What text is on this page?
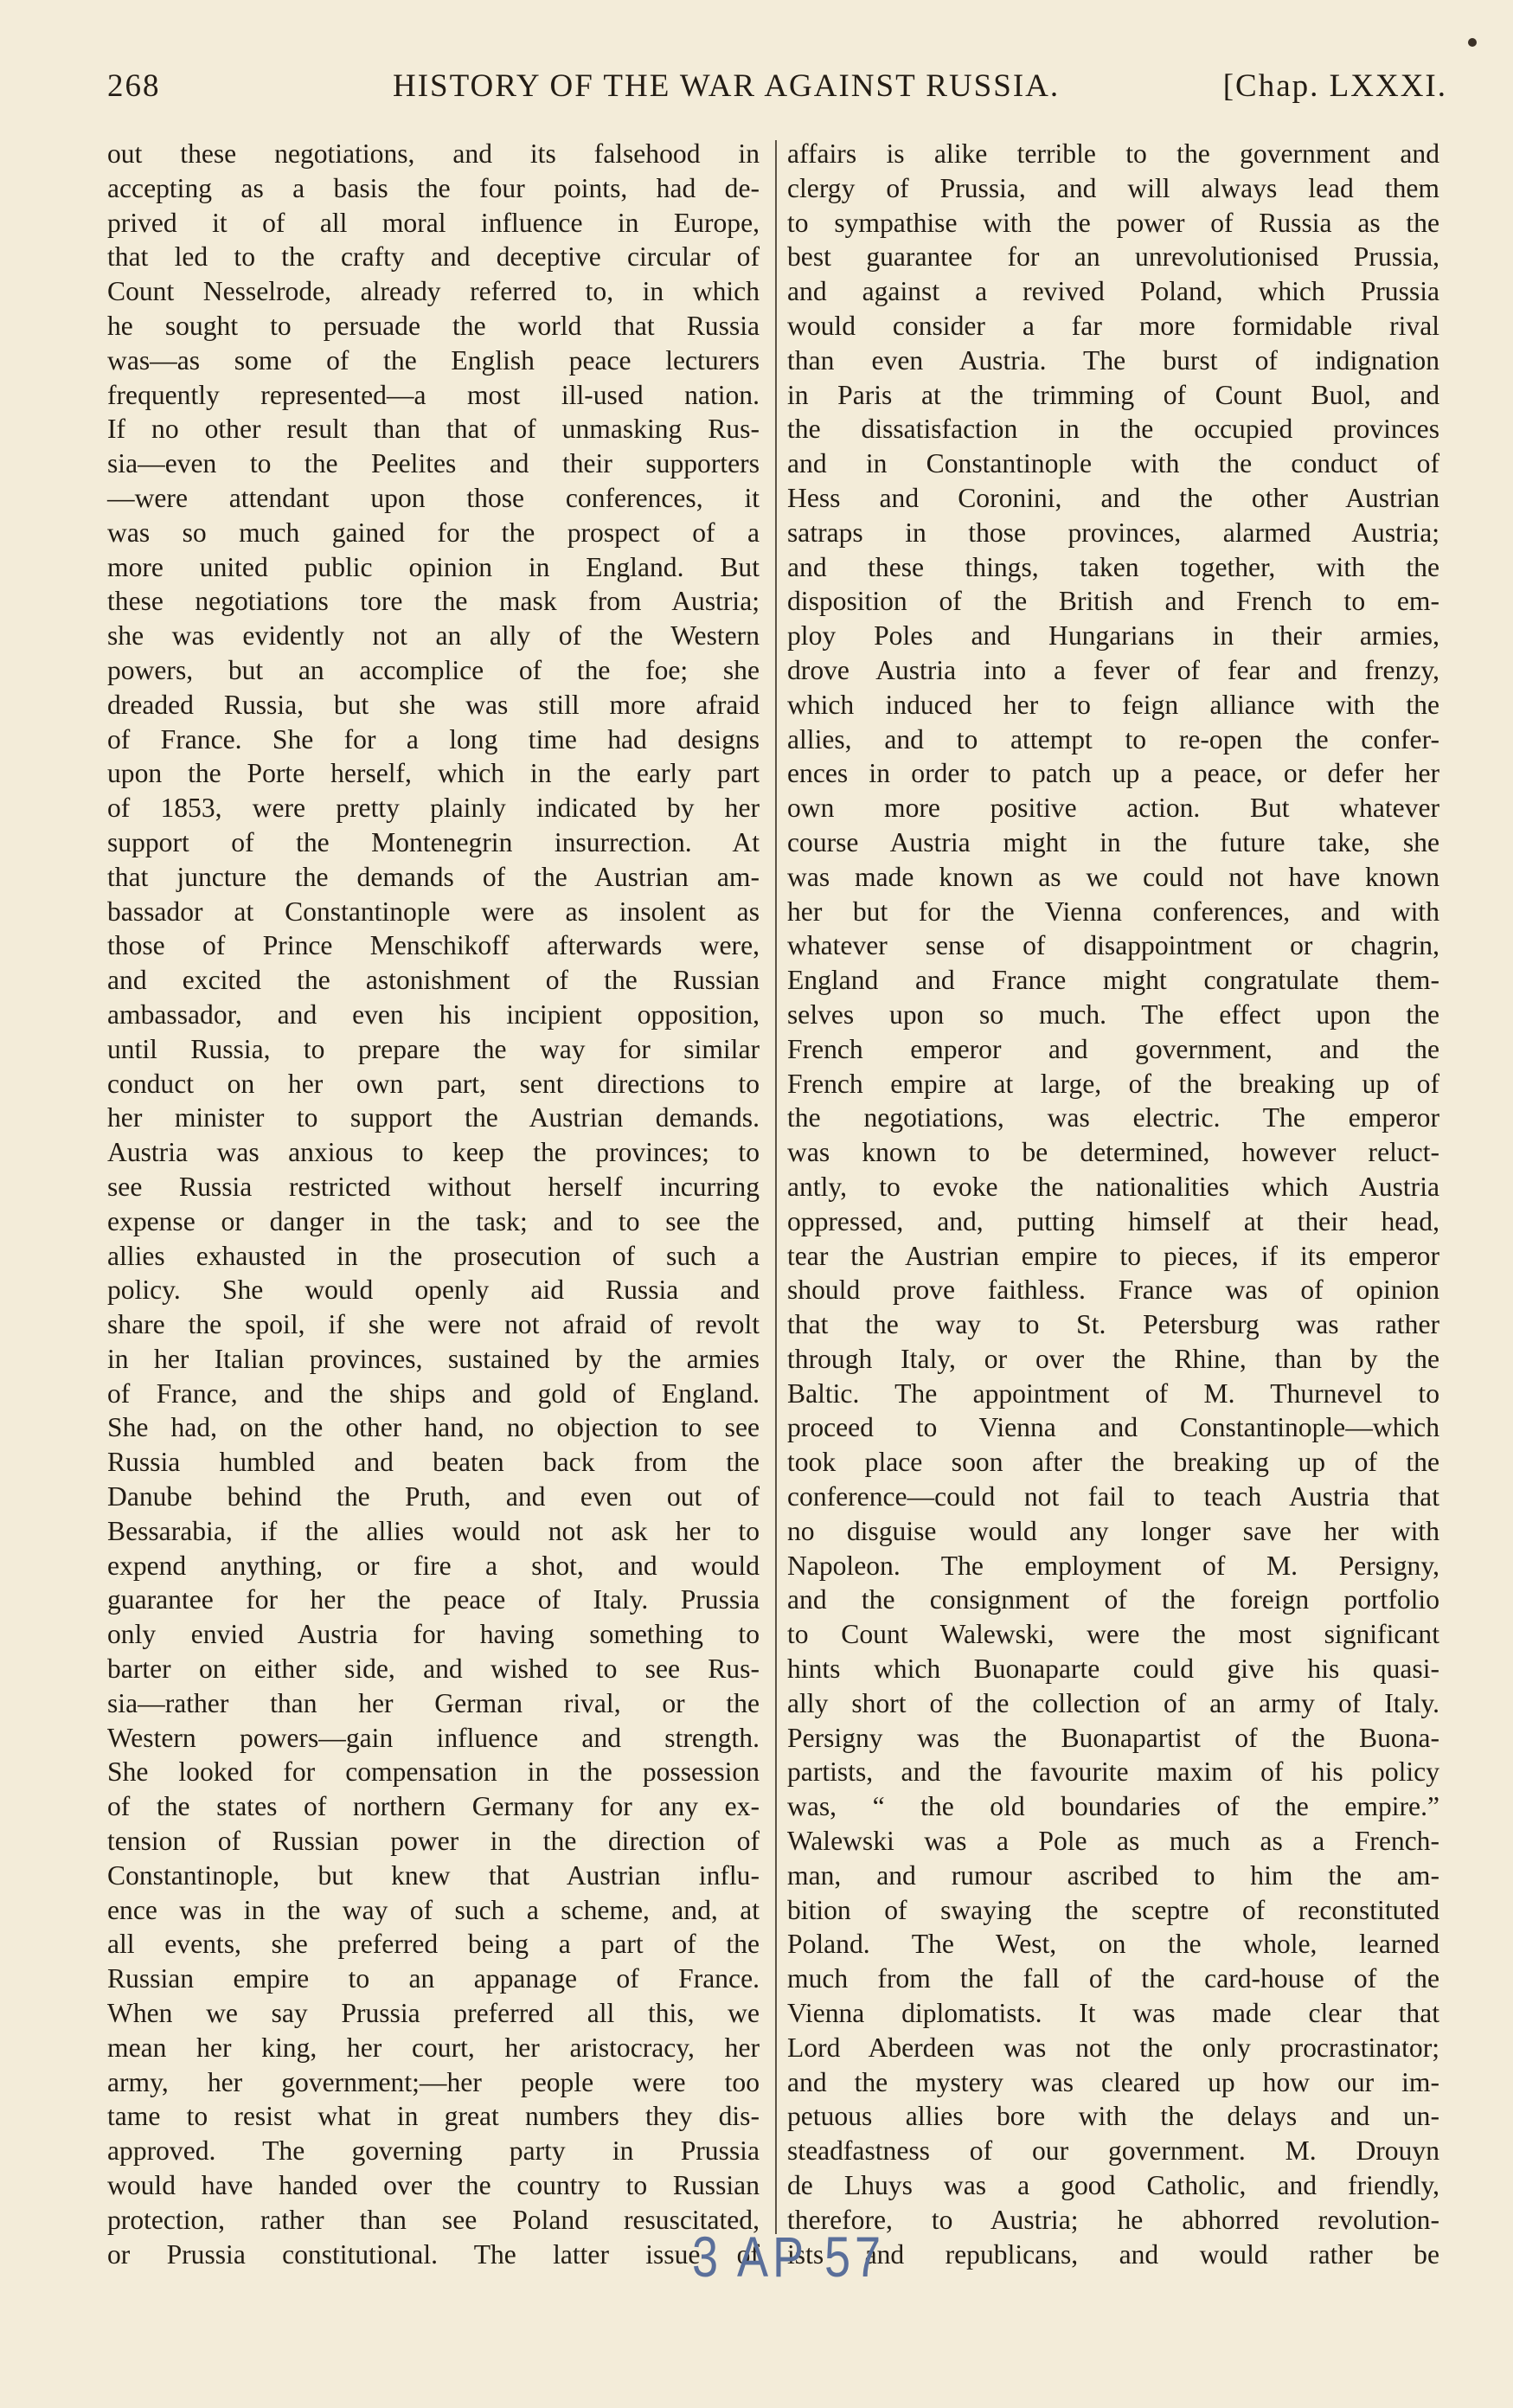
268	HISTORY OF THE WAR AGAINST RUSSIA.	[Chap. LXXXI.
out these negotiations, and its falsehood in
accepting as a basis the four points, had de-
prived it of all moral influence in Europe,
that led to the crafty and deceptive circular of
Count Nesselrode, already referred to, in which
he sought to persuade the world that Russia
was—as some of the English peace lecturers
frequently represented—a most ill-used nation.
If no other result than that of unmasking Rus-
sia—even to the Peelites and their supporters
—were attendant upon those conferences, it
was so much gained for the prospect of a
more united public opinion in England. But
these negotiations tore the mask from Austria;
she was evidently not an ally of the Western
powers, but an accomplice of the foe; she
dreaded Russia, but she was still more afraid
of France. She for a long time had designs
upon the Porte herself, which in the early part
of 1853, were pretty plainly indicated by her
support of the Montenegrin insurrection. At
that juncture the demands of the Austrian am-
bassador at Constantinople were as insolent as
those of Prince Menschikoff afterwards were,
and excited the astonishment of the Russian
ambassador, and even his incipient opposition,
until Russia, to prepare the way for similar
conduct on her own part, sent directions to
her minister to support the Austrian demands.
Austria was anxious to keep the provinces; to
see Russia restricted without herself incurring
expense or danger in the task; and to see the
allies exhausted in the prosecution of such a
policy. She would openly aid Russia and
share the spoil, if she were not afraid of revolt
in her Italian provinces, sustained by the armies
of France, and the ships and gold of England.
She had, on the other hand, no objection to see
Russia humbled and beaten back from the
Danube behind the Pruth, and even out of
Bessarabia, if the allies would not ask her to
expend anything, or fire a shot, and would
guarantee for her the peace of Italy. Prussia
only envied Austria for having something to
barter on either side, and wished to see Rus-
sia—rather than her German rival, or the
Western powers—gain influence and strength.
She looked for compensation in the possession
of the states of northern Germany for any ex-
tension of Russian power in the direction of
Constantinople, but knew that Austrian influ-
ence was in the way of such a scheme, and, at
all events, she preferred being a part of the
Russian empire to an appanage of France.
When we say Prussia preferred all this, we
mean her king, her court, her aristocracy, her
army, her government;—her people were too
tame to resist what in great numbers they dis-
approved. The governing party in Prussia
would have handed over the country to Russian
protection, rather than see Poland resuscitated,
or Prussia constitutional. The latter issue of
affairs is alike terrible to the government and
clergy of Prussia, and will always lead them
to sympathise with the power of Russia as the
best guarantee for an unrevolutionised Prussia,
and against a revived Poland, which Prussia
would consider a far more formidable rival
than even Austria. The burst of indignation
in Paris at the trimming of Count Buol, and
the dissatisfaction in the occupied provinces
and in Constantinople with the conduct of
Hess and Coronini, and the other Austrian
satraps in those provinces, alarmed Austria;
and these things, taken together, with the
disposition of the British and French to em-
ploy Poles and Hungarians in their armies,
drove Austria into a fever of fear and frenzy,
which induced her to feign alliance with the
allies, and to attempt to re-open the confer-
ences in order to patch up a peace, or defer her
own more positive action. But whatever
course Austria might in the future take, she
was made known as we could not have known
her but for the Vienna conferences, and with
whatever sense of disappointment or chagrin,
England and France might congratulate them-
selves upon so much. The effect upon the
French emperor and government, and the
French empire at large, of the breaking up of
the negotiations, was electric. The emperor
was known to be determined, however reluct-
antly, to evoke the nationalities which Austria
oppressed, and, putting himself at their head,
tear the Austrian empire to pieces, if its emperor
should prove faithless. France was of opinion
that the way to St. Petersburg was rather
through Italy, or over the Rhine, than by the
Baltic. The appointment of M. Thurnevel to
proceed to Vienna and Constantinople—which
took place soon after the breaking up of the
conference—could not fail to teach Austria that
no disguise would any longer save her with
Napoleon. The employment of M. Persigny,
and the consignment of the foreign portfolio
to Count Walewski, were the most significant
hints which Buonaparte could give his quasi-
ally short of the collection of an army of Italy.
Persigny was the Buonapartist of the Buona-
partists, and the favourite maxim of his policy
was, “ the old boundaries of the empire.”
Walewski was a Pole as much as a French-
man, and rumour ascribed to him the am-
bition of swaying the sceptre of reconstituted
Poland. The West, on the whole, learned
much from the fall of the card-house of the
Vienna diplomatists. It was made clear that
Lord Aberdeen was not the only procrastinator;
and the mystery was cleared up how our im-
petuous allies bore with the delays and un-
steadfastness of our government. M. Drouyn
de Lhuys was a good Catholic, and friendly,
therefore, to Austria; he abhorred revolution-
ists and republicans, and would rather be
3 AP 57
